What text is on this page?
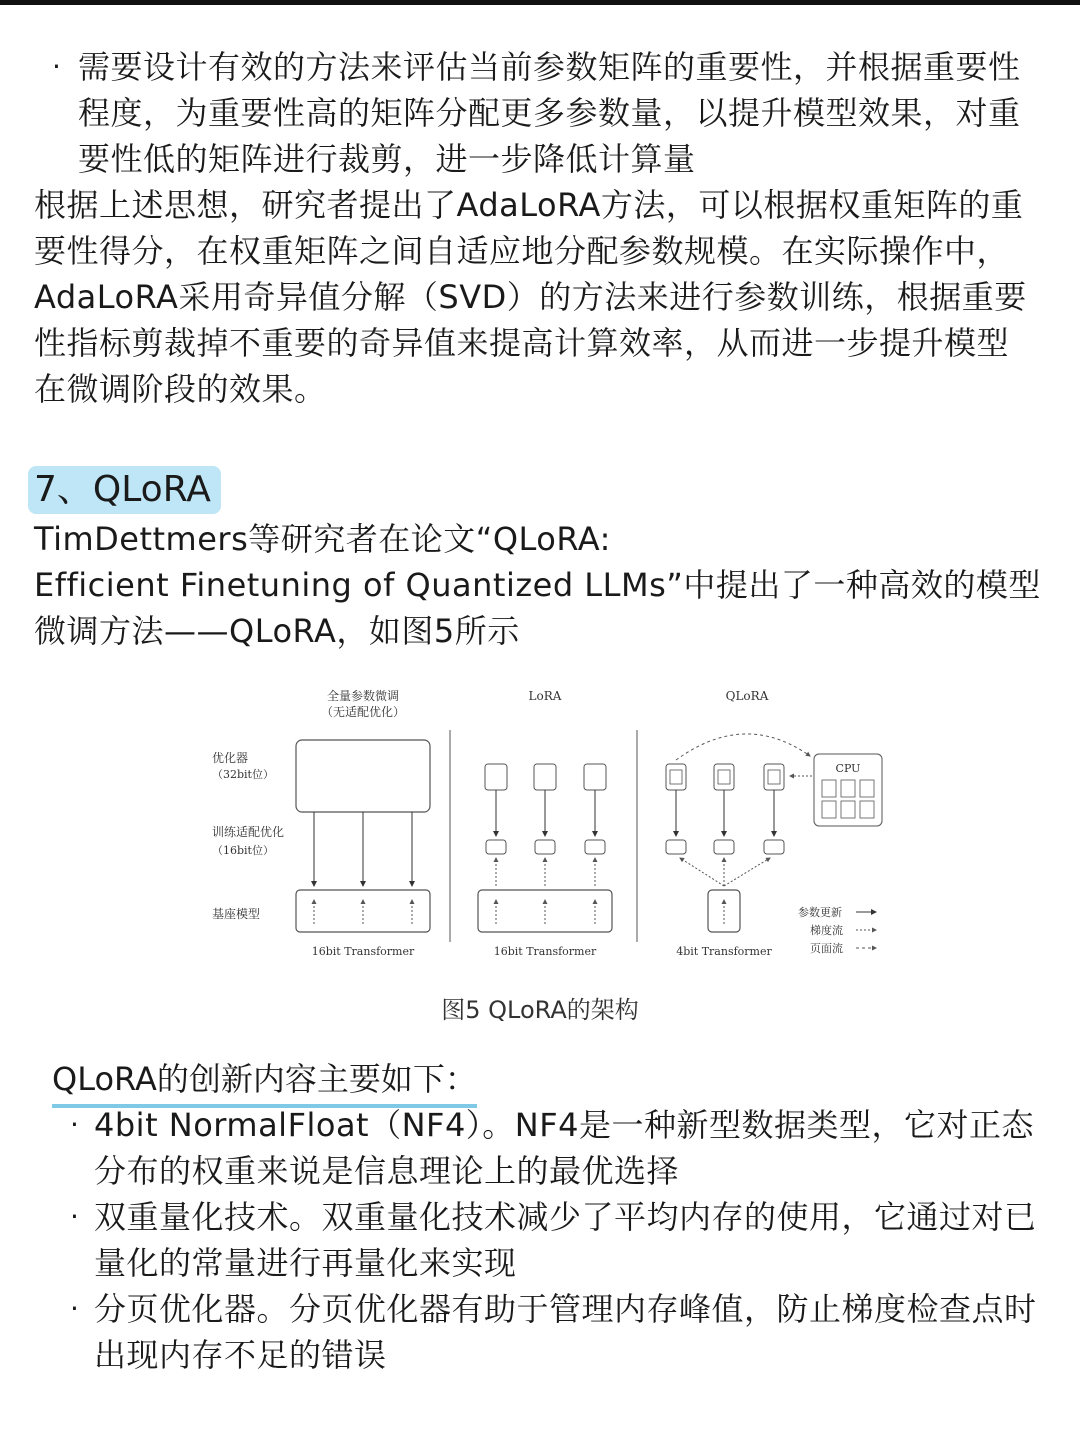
· 需要设计有效的方法来评估当前参数矩阵的重要性，并根据重要性
程度，为重要性高的矩阵分配更多参数量，以提升模型效果，对重
要性低的矩阵进行裁剪，进一步降低计算量
根据上述思想，研究者提出了AdaLoRA方法，可以根据权重矩阵的重
要性得分，在权重矩阵之间自适应地分配参数规模。在实际操作中，
AdaLoRA采用奇异值分解（SVD）的方法来进行参数训练，根据重要
性指标剪裁掉不重要的奇异值来提高计算效率，从而进一步提升模型
在微调阶段的效果。
7、QLoRA
TimDettmers等研究者在论文“QLoRA:
Efficient Finetuning of Quantized LLMs”中提出了一种高效的模型
微调方法——QLoRA，如图5所示
全量参数微调
（无适配优化）
LoRA	QLoRA
优化器
（32bit位）
训练适配优化
（16bit位）
基座模型
16bit Transformer	16bit Transformer
CPU
4bit Transformer
参数更新
梯度流
页面流
图5 QLoRA的架构
QLoRA的创新内容主要如下：
· 4bit NormalFloat（NF4）。NF4是一种新型数据类型，它对正态
分布的权重来说是信息理论上的最优选择
· 双重量化技术。双重量化技术减少了平均内存的使用，它通过对已
量化的常量进行再量化来实现
· 分页优化器。分页优化器有助于管理内存峰值，防止梯度检查点时
出现内存不足的错误
